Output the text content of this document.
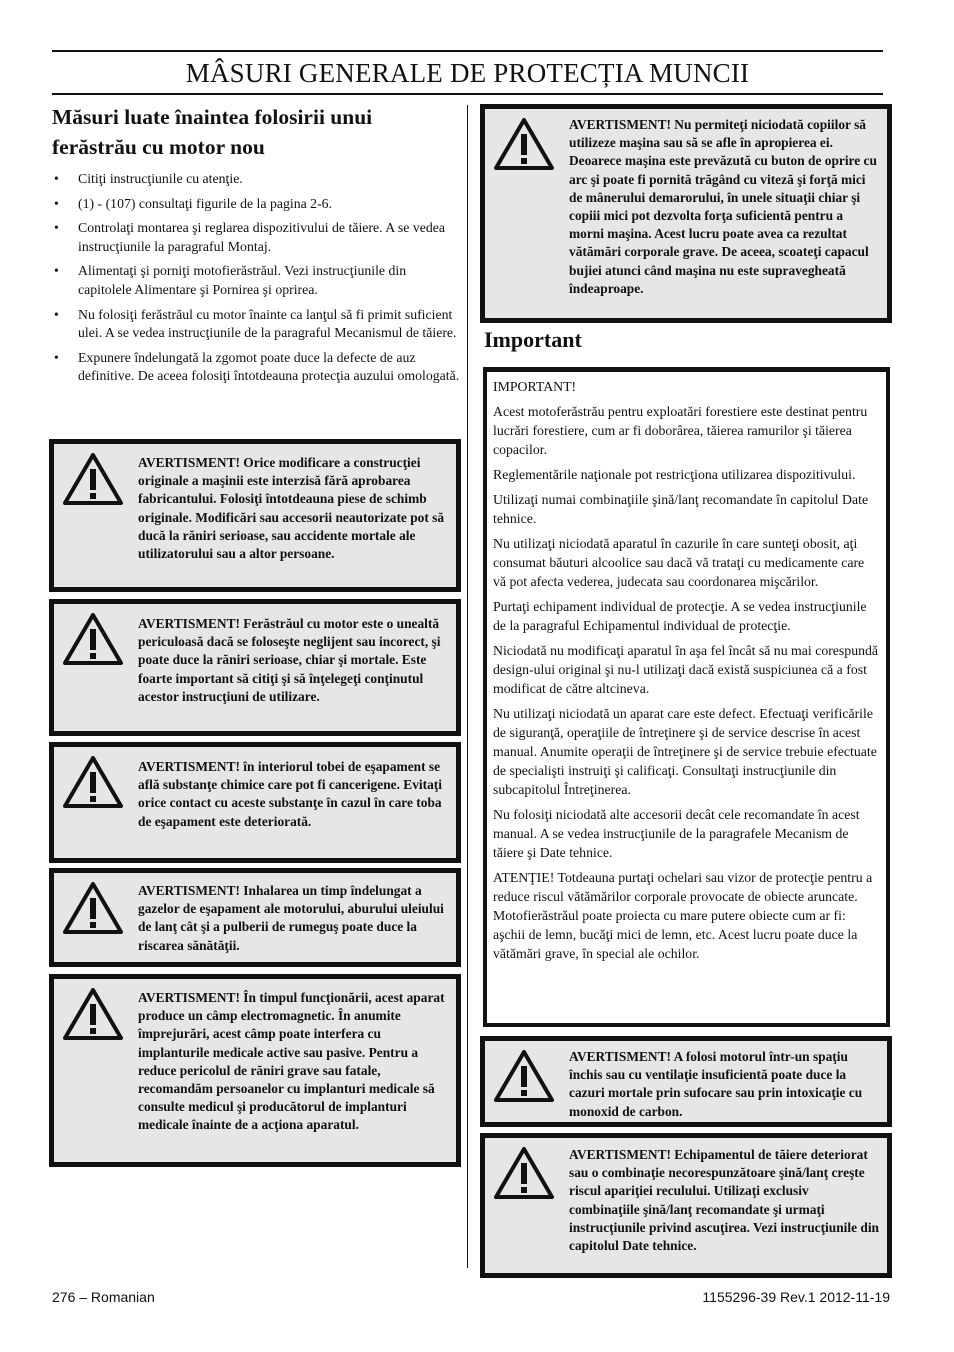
MÂSURI GENERALE DE PROTECȚIA MUNCII
Măsuri luate înaintea folosirii unui ferăstrău cu motor nou
• Citiţi instrucţiunile cu atenţie.
• (1) - (107) consultaţi figurile de la pagina 2-6.
• Controlaţi montarea şi reglarea dispozitivului de tăiere. A se vedea instrucţiunile la paragraful Montaj.
• Alimentaţi şi porniţi motofierăstrăul. Vezi instrucţiunile din capitolele Alimentare şi Pornirea şi oprirea.
• Nu folosiţi ferăstrăul cu motor înainte ca lanţul să fi primit suficient ulei. A se vedea instrucţiunile de la paragraful Mecanismul de tăiere.
• Expunere îndelungată la zgomot poate duce la defecte de auz definitive. De aceea folosiţi întotdeauna protecţia auzului omologată.
AVERTISMENT! Orice modificare a construcţiei originale a maşinii este interzisă fără aprobarea fabricantului. Folosiţi întotdeauna piese de schimb originale. Modificări sau accesorii neautorizate pot să ducă la răniri serioase, sau accidente mortale ale utilizatorului sau a altor persoane.
AVERTISMENT! Ferăstrăul cu motor este o unealtă periculoasă dacă se foloseşte neglijent sau incorect, şi poate duce la răniri serioase, chiar şi mortale. Este foarte important să citiţi şi să înţelegeţi conţinutul acestor instrucţiuni de utilizare.
AVERTISMENT! în interiorul tobei de eşapament se află substanţe chimice care pot fi cancerigene. Evitaţi orice contact cu aceste substanţe în cazul în care toba de eşapament este deteriorată.
AVERTISMENT! Inhalarea un timp îndelungat a gazelor de eşapament ale motorului, aburului uleiului de lanţ cât şi a pulberii de rumeguş poate duce la riscarea sănătăţii.
AVERTISMENT! În timpul funcţionării, acest aparat produce un câmp electromagnetic. În anumite împrejurări, acest câmp poate interfera cu implanturile medicale active sau pasive. Pentru a reduce pericolul de răniri grave sau fatale, recomandăm persoanelor cu implanturi medicale să consulte medicul şi producătorul de implanturi medicale înainte de a acţiona aparatul.
AVERTISMENT! Nu permiteţi niciodată copiilor să utilizeze maşina sau să se afle în apropierea ei. Deoarece maşina este prevăzută cu buton de oprire cu arc şi poate fi pornită trăgând cu viteză şi forţă mici de mânerului demarorului, în unele situaţii chiar şi copiii mici pot dezvolta forţa suficientă pentru a morni maşina. Acest lucru poate avea ca rezultat vătămări corporale grave. De aceea, scoateţi capacul bujiei atunci când maşina nu este supravegheată îndeaproape.
Important

IMPORTANT!

Acest motoferăstrău pentru exploatări forestiere este destinat pentru lucrări forestiere, cum ar fi doborârea, tăierea ramurilor şi tăierea copacilor.

Reglementările naţionale pot restricţiona utilizarea dispozitivului.

Utilizaţi numai combinaţiile şină/lanţ recomandate în capitolul Date tehnice.

Nu utilizaţi niciodată aparatul în cazurile în care sunteţi obosit, aţi consumat băuturi alcoolice sau dacă vă trataţi cu medicamente care vă pot afecta vederea, judecata sau coordonarea mişcărilor.

Purtaţi echipament individual de protecţie. A se vedea instrucţiunile de la paragraful Echipamentul individual de protecţie.

Niciodată nu modificaţi aparatul în aşa fel încât să nu mai corespundă design-ului original şi nu-l utilizaţi dacă există suspiciunea că a fost modificat de către altcineva.

Nu utilizaţi niciodată un aparat care este defect. Efectuaţi verificările de siguranţă, operaţiile de întreţinere şi de service descrise în acest manual. Anumite operaţii de întreţinere şi de service trebuie efectuate de specialişti instruiţi şi calificaţi. Consultaţi instrucţiunile din subcapitolul Întreţinerea.

Nu folosiţi niciodată alte accesorii decât cele recomandate în acest manual. A se vedea instrucţiunile de la paragrafele Mecanism de tăiere şi Date tehnice.

ATENŢIE! Totdeauna purtaţi ochelari sau vizor de protecţie pentru a reduce riscul vătămărilor corporale provocate de obiecte aruncate. Motofierăstrăul poate proiecta cu mare putere obiecte cum ar fi: aşchii de lemn, bucăţi mici de lemn, etc. Acest lucru poate duce la vătămări grave, în special ale ochilor.

AVERTISMENT! A folosi motorul într-un spaţiu închis sau cu ventilaţie insuficientă poate duce la cazuri mortale prin sufocare sau prin intoxicaţie cu monoxid de carbon.
AVERTISMENT! Echipamentul de tăiere deteriorat sau o combinaţie necorespunzătoare şină/lanţ creşte riscul apariţiei reculului. Utilizaţi exclusiv combinaţiile şină/lanţ recomandate şi urmaţi instrucţiunile privind ascuţirea. Vezi instrucţiunile din capitolul Date tehnice.
276 – Romanian	1155296-39 Rev.1 2012-11-19
